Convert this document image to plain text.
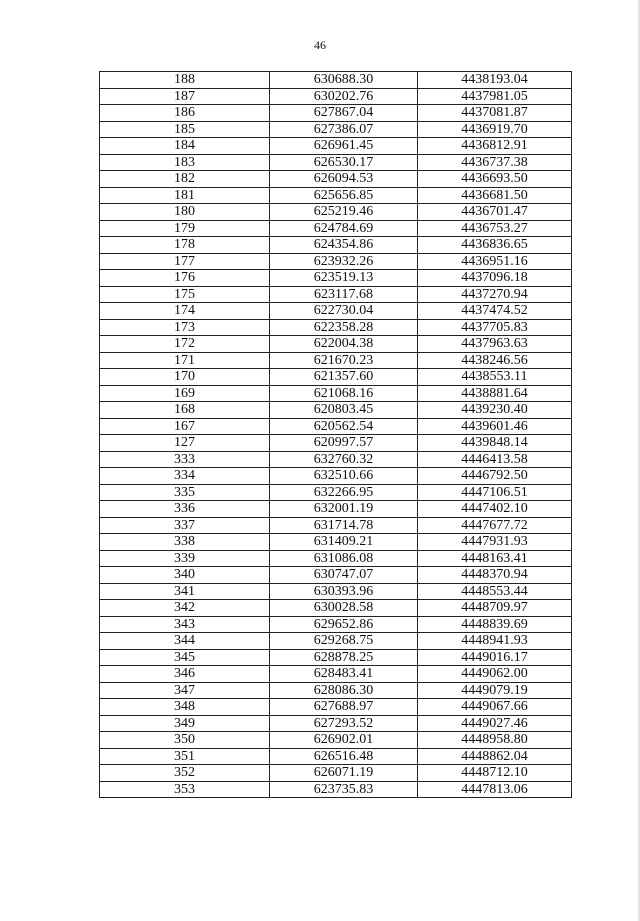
46
188	630688.30	4438193.04
187	630202.76	4437981.05
186	627867.04	4437081.87
185	627386.07	4436919.70
184	626961.45	4436812.91
183	626530.17	4436737.38
182	626094.53	4436693.50
181	625656.85	4436681.50
180	625219.46	4436701.47
179	624784.69	4436753.27
178	624354.86	4436836.65
177	623932.26	4436951.16
176	623519.13	4437096.18
175	623117.68	4437270.94
174	622730.04	4437474.52
173	622358.28	4437705.83
172	622004.38	4437963.63
171	621670.23	4438246.56
170	621357.60	4438553.11
169	621068.16	4438881.64
168	620803.45	4439230.40
167	620562.54	4439601.46
127	620997.57	4439848.14
333	632760.32	4446413.58
334	632510.66	4446792.50
335	632266.95	4447106.51
336	632001.19	4447402.10
337	631714.78	4447677.72
338	631409.21	4447931.93
339	631086.08	4448163.41
340	630747.07	4448370.94
341	630393.96	4448553.44
342	630028.58	4448709.97
343	629652.86	4448839.69
344	629268.75	4448941.93
345	628878.25	4449016.17
346	628483.41	4449062.00
347	628086.30	4449079.19
348	627688.97	4449067.66
349	627293.52	4449027.46
350	626902.01	4448958.80
351	626516.48	4448862.04
352	626071.19	4448712.10
353	623735.83	4447813.06
